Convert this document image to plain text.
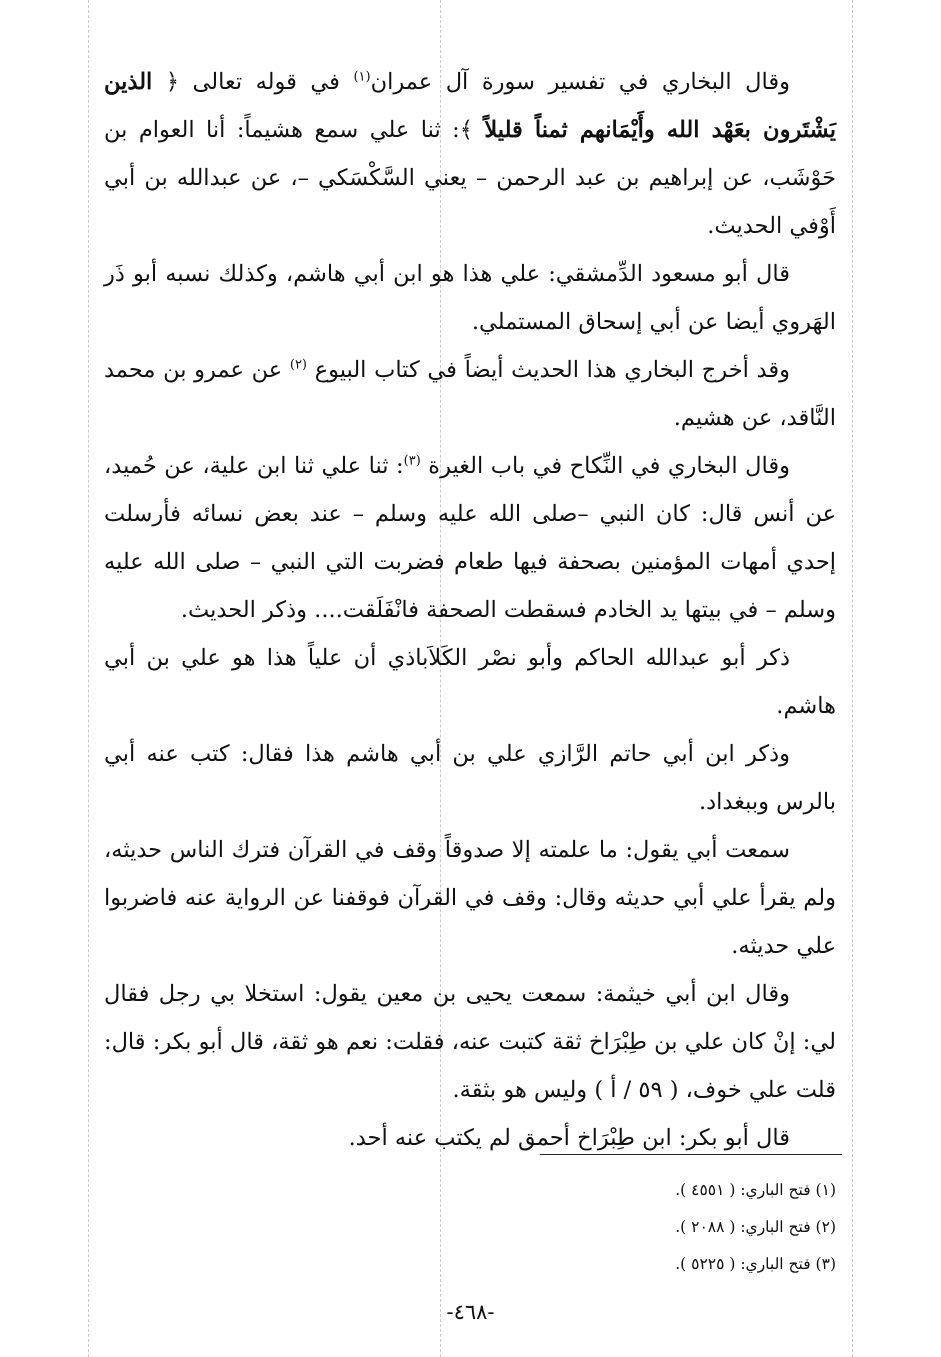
وقال البخاري في تفسير سورة آل عمران$^{(١)}$ في قوله تعالى ﴿ الذين يَشْتَرون بعَهْد الله وأَيْمَانهم ثمناً قليلاً ﴾: ثنا علي سمع هشيماً: أنا العوام بن حَوْشَب، عن إبراهيم بن عبد الرحمن – يعني السَّكْسَكي –، عن عبدالله بن أبي أَوْفي الحديث.

قال أبو مسعود الدِّمشقي: علي هذا هو ابن أبي هاشم، وكذلك نسبه أبو ذَر الهَروي أيضا عن أبي إسحاق المستملي.

وقد أخرج البخاري هذا الحديث أيضاً في كتاب البيوع $^{(٢)}$ عن عمرو بن محمد النَّاقد، عن هشيم.

وقال البخاري في النِّكاح في باب الغيرة $^{(٣)}$: ثنا علي ثنا ابن علية، عن حُميد، عن أنس قال: كان النبي –صلى الله عليه وسلم – عند بعض نسائه فأرسلت إحدي أمهات المؤمنين بصحفة فيها طعام فضربت التي النبي – صلى الله عليه وسلم – في بيتها يد الخادم فسقطت الصحفة فانْفَلَقت.... وذكر الحديث.

ذكر أبو عبدالله الحاكم وأبو نصْر الكَلاَباذي أن علياً هذا هو علي بن أبي هاشم.

وذكر ابن أبي حاتم الرَّازي علي بن أبي هاشم هذا فقال: كتب عنه أبي بالرس وببغداد.

سمعت أبي يقول: ما علمته إلا صدوقاً وقف في القرآن فترك الناس حديثه، ولم يقرأ علي أبي حديثه وقال: وقف في القرآن فوقفنا عن الرواية عنه فاضربوا علي حديثه.

وقال ابن أبي خيثمة: سمعت يحيى بن معين يقول: استخلا بي رجل فقال لي: إنْ كان علي بن طِبْرَاخ ثقة كتبت عنه، فقلت: نعم هو ثقة، قال أبو بكر: قال: قلت علي خوف، ( ٥٩ / أ ) وليس هو بثقة.

قال أبو بكر: ابن طِبْرَاخ أحمق لم يكتب عنه أحد.

(١) فتح الباري: ( ٤٥٥١ ).
(٢) فتح الباري: ( ٢٠٨٨ ).
(٣) فتح الباري: ( ٥٢٢٥ ).
-٤٦٨-
